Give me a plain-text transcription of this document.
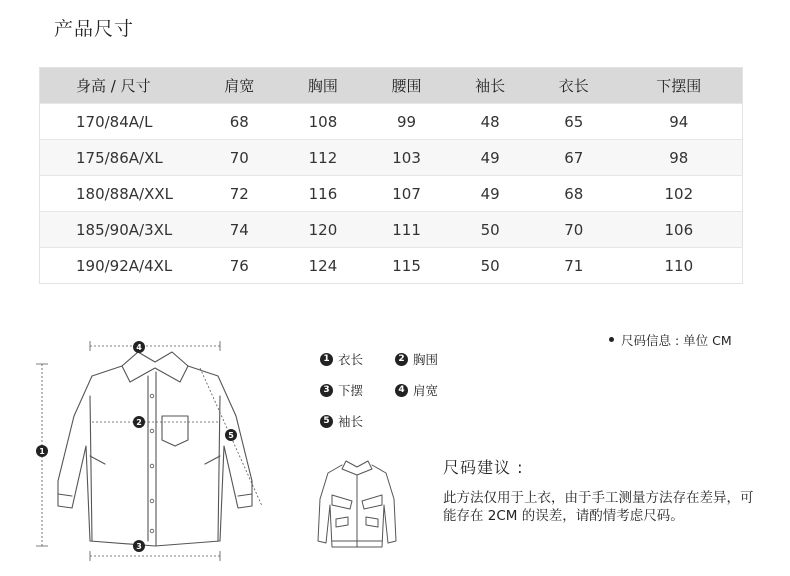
产品尺寸
身高 / 尺寸	肩宽	胸围	腰围	袖长	衣长	下摆围
170/84A/L	68	108	99	48	65	94
175/86A/XL	70	112	103	49	67	98
180/88A/XXL	72	116	107	49	68	102
185/90A/3XL	74	120	111	50	70	106
190/92A/4XL	76	124	115	50	71	110
尺码信息 : 单位 CM
1
2
3
4
5
1 衣长	2 胸围
3 下摆	4 肩宽
5 袖长
尺码建议 :
此方法仅用于上衣，由于手工测量方法存在差异，可能存在 2CM 的误差，请酌情考虑尺码。
